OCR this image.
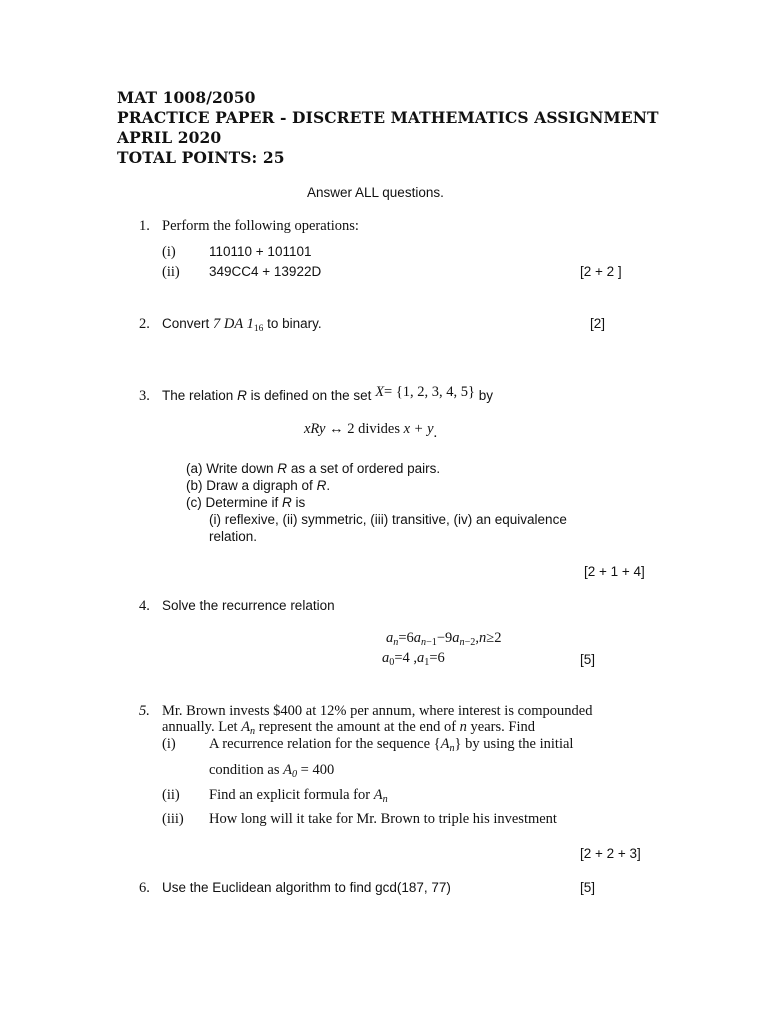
MAT 1008/2050
PRACTICE PAPER - DISCRETE MATHEMATICS ASSIGNMENT
APRIL 2020
TOTAL POINTS: 25
Answer ALL questions.
1. Perform the following operations:
(i) 110110 + 101101
(ii) 349CC4 + 13922D	[2 + 2 ]
2. Convert 7 DA $1_{16}$ to binary.	[2]
3. The relation R is defined on the set X= {1, 2, 3, 4, 5} by
xRy ↔ 2 divides x + y.
(a) Write down R as a set of ordered pairs.
(b) Draw a digraph of R.
(c) Determine if R is
(i) reflexive, (ii) symmetric, (iii) transitive, (iv) an equivalence
relation.
[2 + 1 + 4]
4. Solve the recurrence relation
$a_n=6a_{n-1}-9a_{n-2},n\ge 2$
$a_0=4$ $,a_1=6$	[5]
5. Mr. Brown invests $400 at 12% per annum, where interest is compounded
annually. Let $A_n$ represent the amount at the end of n years. Find
(i) A recurrence relation for the sequence $\{A_n\}$ by using the initial
condition as $A_0 = 400$
(ii) Find an explicit formula for $A_n$
(iii) How long will it take for Mr. Brown to triple his investment
[2 + 2 + 3]
6. Use the Euclidean algorithm to find gcd(187, 77)	[5]
